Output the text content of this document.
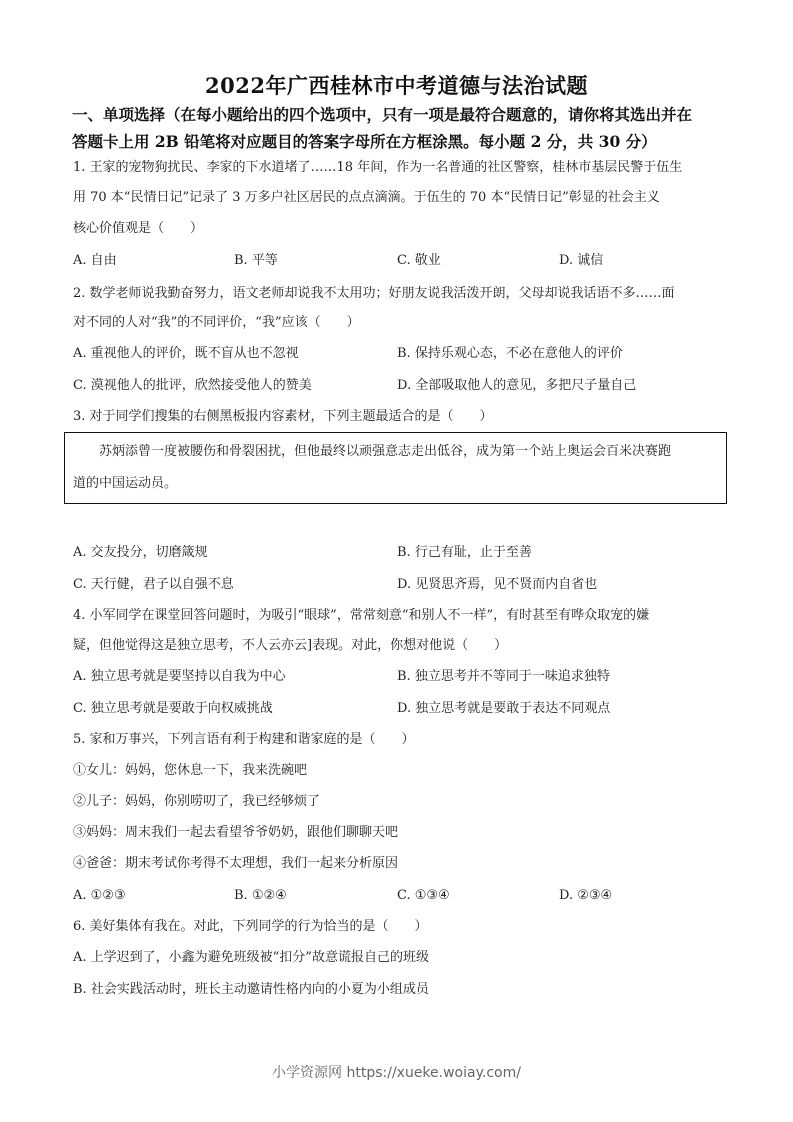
2022年广西桂林市中考道德与法治试题
一、单项选择（在每小题给出的四个选项中，只有一项是最符合题意的，请你将其选出并在
答题卡上用 2B 铅笔将对应题目的答案字母所在方框涂黑。每小题 2 分，共 30 分）
1. 王家的宠物狗扰民、李家的下水道堵了……18 年间，作为一名普通的社区警察，桂林市基层民警于伍生
用 70 本“民情日记”记录了 3 万多户社区居民的点点滴滴。于伍生的 70 本“民情日记”彰显的社会主义
核心价值观是（　　）
A. 自由	B. 平等	C. 敬业	D. 诚信
2. 数学老师说我勤奋努力，语文老师却说我不太用功；好朋友说我活泼开朗，父母却说我话语不多……面
对不同的人对“我”的不同评价，“我”应该（　　）
A. 重视他人的评价，既不盲从也不忽视	B. 保持乐观心态，不必在意他人的评价
C. 漠视他人的批评，欣然接受他人的赞美	D. 全部吸取他人的意见，多把尺子量自己
3. 对于同学们搜集的右侧黑板报内容素材，下列主题最适合的是（　　）
苏炳添曾一度被腰伤和骨裂困扰，但他最终以顽强意志走出低谷，成为第一个站上奥运会百米决赛跑
道的中国运动员。
A. 交友投分，切磨箴规	B. 行己有耻，止于至善
C. 天行健，君子以自强不息	D. 见贤思齐焉，见不贤而内自省也
4. 小军同学在课堂回答问题时，为吸引“眼球”，常常刻意“和别人不一样”，有时甚至有哗众取宠的嫌
疑，但他觉得这是独立思考，不人云亦云]表现。对此，你想对他说（　　）
A. 独立思考就是要坚持以自我为中心	B. 独立思考并不等同于一味追求独特
C. 独立思考就是要敢于向权威挑战	D. 独立思考就是要敢于表达不同观点
5. 家和万事兴，下列言语有利于构建和谐家庭的是（　　）
①女儿：妈妈，您休息一下，我来洗碗吧
②儿子：妈妈，你别唠叨了，我已经够烦了
③妈妈：周末我们一起去看望爷爷奶奶，跟他们聊聊天吧
④爸爸：期末考试你考得不太理想，我们一起来分析原因
A. ①②③	B. ①②④	C. ①③④	D. ②③④
6. 美好集体有我在。对此，下列同学的行为恰当的是（　　）
A. 上学迟到了，小鑫为避免班级被“扣分”故意谎报自己的班级
B. 社会实践活动时，班长主动邀请性格内向的小夏为小组成员
小学资源网 https://xueke.woiay.com/
